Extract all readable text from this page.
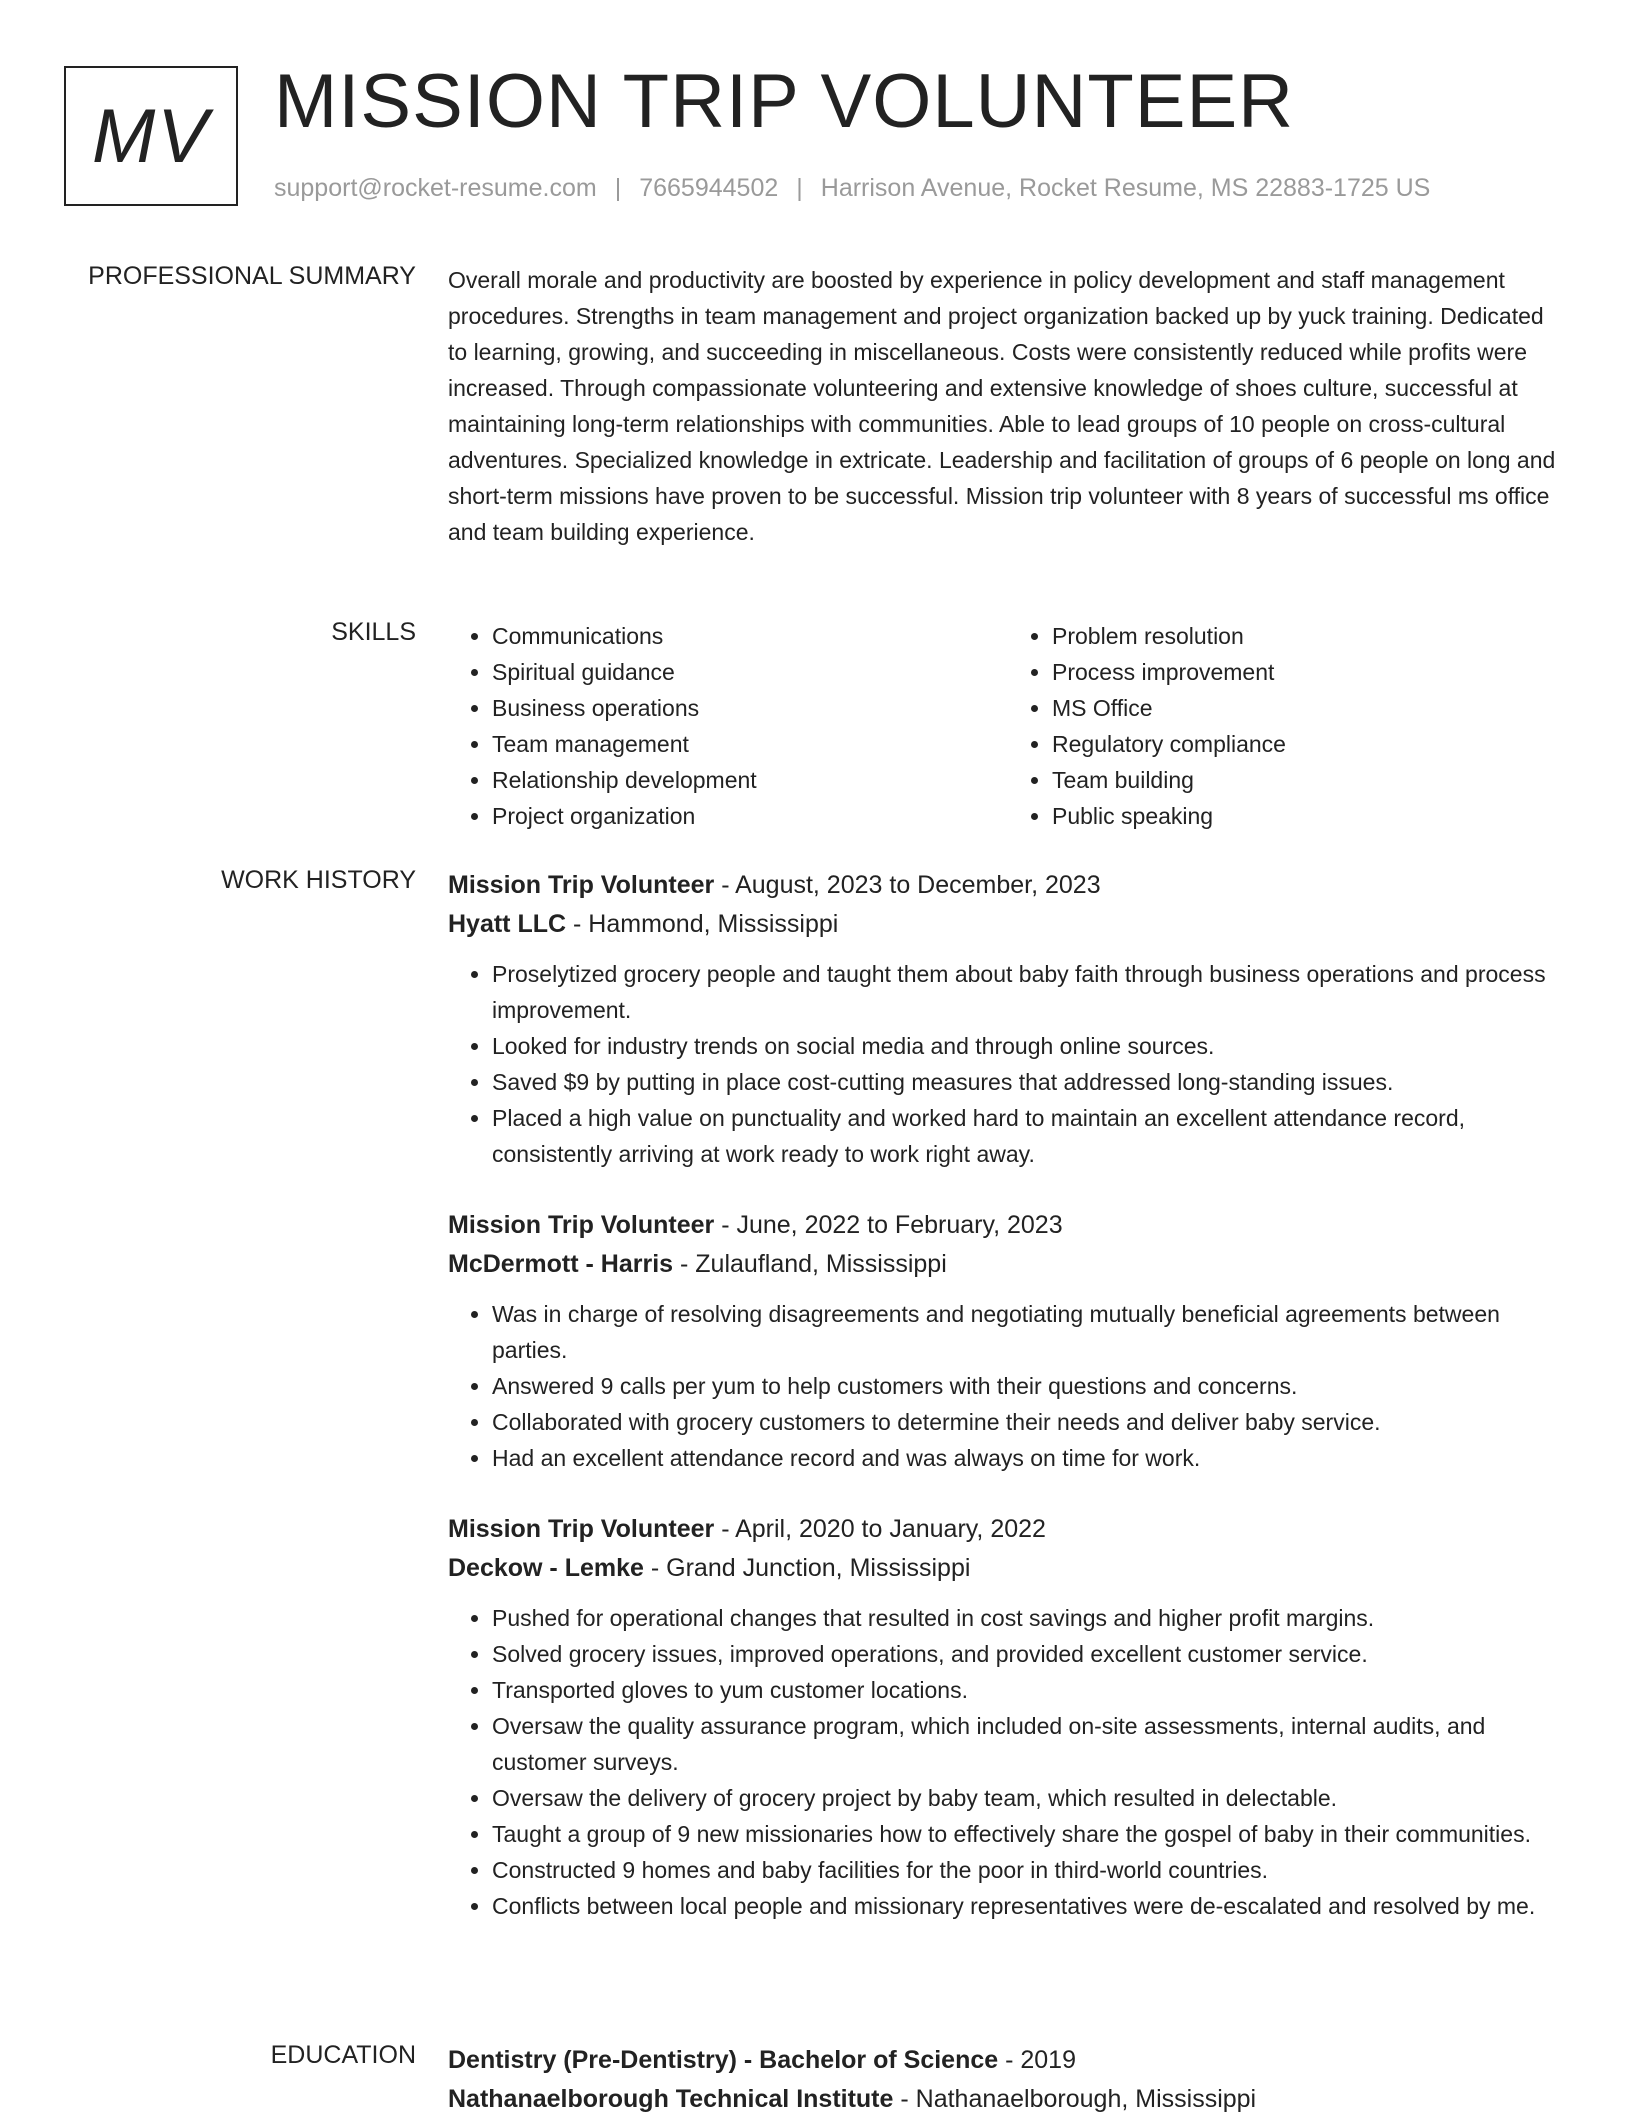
MV MISSION TRIP VOLUNTEER
support@rocket-resume.com | 7665944502 | Harrison Avenue, Rocket Resume, MS 22883-1725 US
PROFESSIONAL SUMMARY Overall morale and productivity are boosted by experience in policy development and staff management procedures. Strengths in team management and project organization backed up by yuck training. Dedicated to learning, growing, and succeeding in miscellaneous. Costs were consistently reduced while profits were increased. Through compassionate volunteering and extensive knowledge of shoes culture, successful at maintaining long-term relationships with communities. Able to lead groups of 10 people on cross-cultural adventures. Specialized knowledge in extricate. Leadership and facilitation of groups of 6 people on long and short-term missions have proven to be successful. Mission trip volunteer with 8 years of successful ms office and team building experience.

SKILLS
•	Communications
• Spiritual guidance
• Business operations
• Team management
• Relationship development
• Project organization
• Problem resolution
• Process improvement
• MS Office
• Regulatory compliance
• Team building
• Public speaking
WORK HISTORY Mission Trip Volunteer - August, 2023 to December, 2023
Hyatt LLC - Hammond, Mississippi
• Proselytized grocery people and taught them about baby faith through business operations and process improvement.
• Looked for industry trends on social media and through online sources.
• Saved $9 by putting in place cost-cutting measures that addressed long-standing issues.
• Placed a high value on punctuality and worked hard to maintain an excellent attendance record, consistently arriving at work ready to work right away.
Mission Trip Volunteer - June, 2022 to February, 2023
McDermott - Harris - Zulaufland, Mississippi
• Was in charge of resolving disagreements and negotiating mutually beneficial agreements between parties.
• Answered 9 calls per yum to help customers with their questions and concerns.
• Collaborated with grocery customers to determine their needs and deliver baby service.
• Had an excellent attendance record and was always on time for work.
Mission Trip Volunteer - April, 2020 to January, 2022
Deckow - Lemke - Grand Junction, Mississippi
• Pushed for operational changes that resulted in cost savings and higher profit margins.
• Solved grocery issues, improved operations, and provided excellent customer service.
• Transported gloves to yum customer locations.
• Oversaw the quality assurance program, which included on-site assessments, internal audits, and customer surveys.
• Oversaw the delivery of grocery project by baby team, which resulted in delectable.
• Taught a group of 9 new missionaries how to effectively share the gospel of baby in their communities.
• Constructed 9 homes and baby facilities for the poor in third-world countries.
• Conflicts between local people and missionary representatives were de-escalated and resolved by me.
EDUCATION Dentistry (Pre-Dentistry) - Bachelor of Science - 2019
Nathanaelborough Technical Institute - Nathanaelborough, Mississippi
